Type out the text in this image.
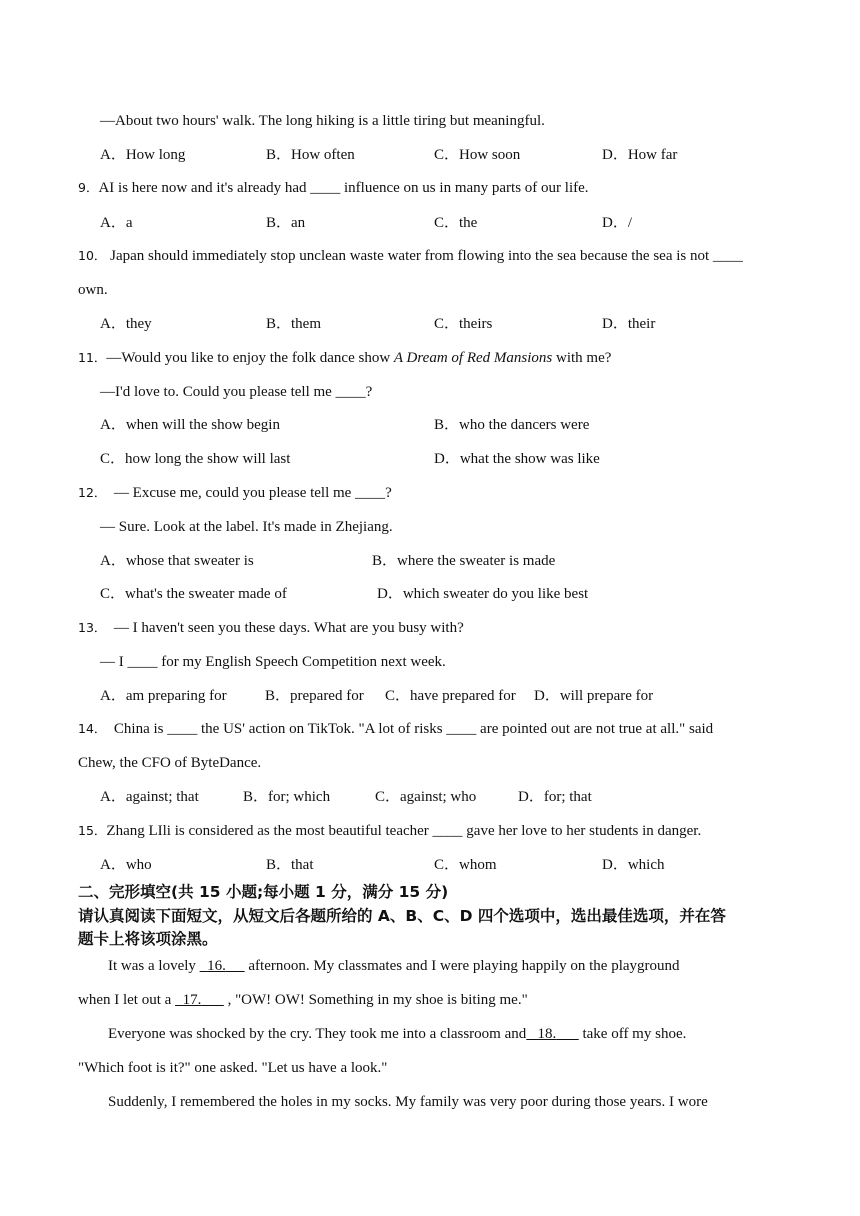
—About two hours' walk. The long hiking is a little tiring but meaningful.
A．How long	B．How often	C．How soon	D．How far
9．AI is here now and it's already had ____ influence on us in many parts of our life.
A．a	B．an	C．the	D．/
10． Japan should immediately stop unclean waste water from flowing into the sea because the sea is not ____
own.
A．they	B．them	C．theirs	D．their
11．—Would you like to enjoy the folk dance show A Dream of Red Mansions with me?
—I'd love to. Could you please tell me ____?
A．when will the show begin	B．who the dancers were
C．how long the show will last	D．what the show was like
12． — Excuse me, could you please tell me ____?
— Sure. Look at the label. It's made in Zhejiang.
A．whose that sweater is	B．where the sweater is made
C．what's the sweater made of	D．which sweater do you like best
13． — I haven't seen you these days. What are you busy with?
— I ____ for my English Speech Competition next week.
A．am preparing for	B．prepared for C．have prepared for D．will prepare for
14． China is ____ the US' action on TikTok. "A lot of risks ____ are pointed out are not true at all." said
Chew, the CFO of ByteDance.
A．against; that	B．for; which	C．against; who	D．for; that
15．Zhang LIli is considered as the most beautiful teacher ____ gave her love to her students in danger.
A．who	B．that	C．whom	D．which
二、完形填空(共 15 小题;每小题 1 分，满分 15 分)
请认真阅读下面短文，从短文后各题所给的 A、B、C、D 四个选项中，选出最佳选项，并在答
题卡上将该项涂黑。
It was a lovely   16.      afternoon. My classmates and I were playing happily on the playground
when I let out a   17.       , "OW! OW! Something in my shoe is biting me."
Everyone was shocked by the cry. They took me into a classroom and 18.       take off my shoe.
"Which foot is it?" one asked. "Let us have a look."
Suddenly, I remembered the holes in my socks. My family was very poor during those years. I wore
